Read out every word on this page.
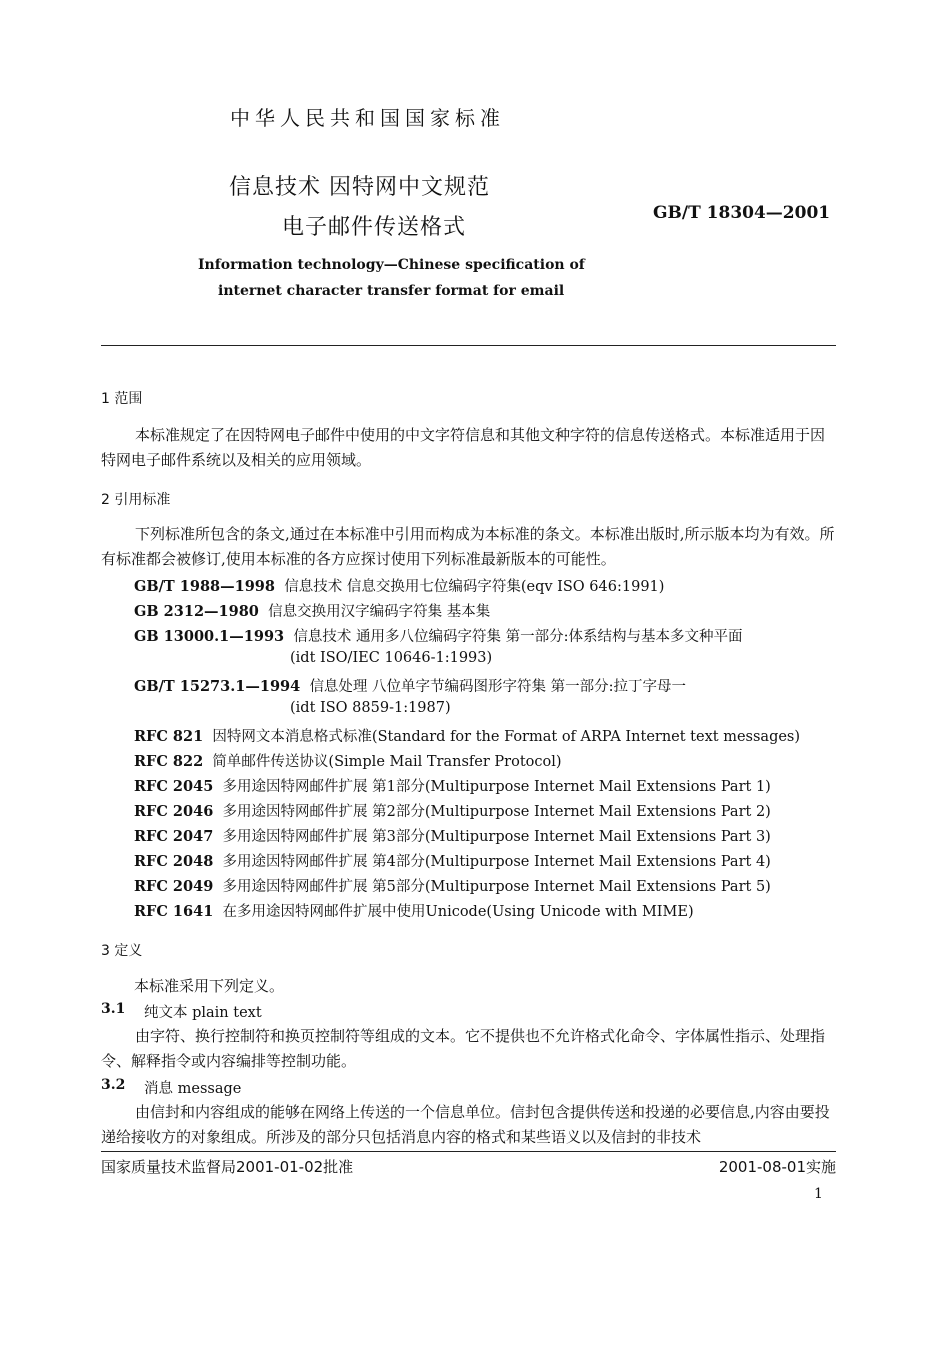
中华人民共和国国家标准
信息技术 因特网中文规范
电子邮件传送格式
GB/T 18304—2001
Information technology—Chinese specification of
internet character transfer format for email
1 范围
本标准规定了在因特网电子邮件中使用的中文字符信息和其他文种字符的信息传送格式。本标准适用于因特网电子邮件系统以及相关的应用领域。
2 引用标准
下列标准所包含的条文,通过在本标准中引用而构成为本标准的条文。本标准出版时,所示版本均为有效。所有标准都会被修订,使用本标准的各方应探讨使用下列标准最新版本的可能性。
GB/T 1988—1998 信息技术 信息交换用七位编码字符集(eqv ISO 646:1991)
GB 2312—1980 信息交换用汉字编码字符集 基本集
GB 13000.1—1993 信息技术 通用多八位编码字符集 第一部分:体系结构与基本多文种平面
(idt ISO/IEC 10646-1:1993)
GB/T 15273.1—1994 信息处理 八位单字节编码图形字符集 第一部分:拉丁字母一
(idt ISO 8859-1:1987)
RFC 821 因特网文本消息格式标准(Standard for the Format of ARPA Internet text messages)
RFC 822 简单邮件传送协议(Simple Mail Transfer Protocol)
RFC 2045 多用途因特网邮件扩展 第1部分(Multipurpose Internet Mail Extensions Part 1)
RFC 2046 多用途因特网邮件扩展 第2部分(Multipurpose Internet Mail Extensions Part 2)
RFC 2047 多用途因特网邮件扩展 第3部分(Multipurpose Internet Mail Extensions Part 3)
RFC 2048 多用途因特网邮件扩展 第4部分(Multipurpose Internet Mail Extensions Part 4)
RFC 2049 多用途因特网邮件扩展 第5部分(Multipurpose Internet Mail Extensions Part 5)
RFC 1641 在多用途因特网邮件扩展中使用Unicode(Using Unicode with MIME)
3 定义
本标准采用下列定义。
3.1 纯文本 plain text
由字符、换行控制符和换页控制符等组成的文本。它不提供也不允许格式化命令、字体属性指示、处理指令、解释指令或内容编排等控制功能。
3.2 消息 message
由信封和内容组成的能够在网络上传送的一个信息单位。信封包含提供传送和投递的必要信息,内容由要投递给接收方的对象组成。所涉及的部分只包括消息内容的格式和某些语义以及信封的非技术
国家质量技术监督局2001-01-02批准	2001-08-01实施
1
